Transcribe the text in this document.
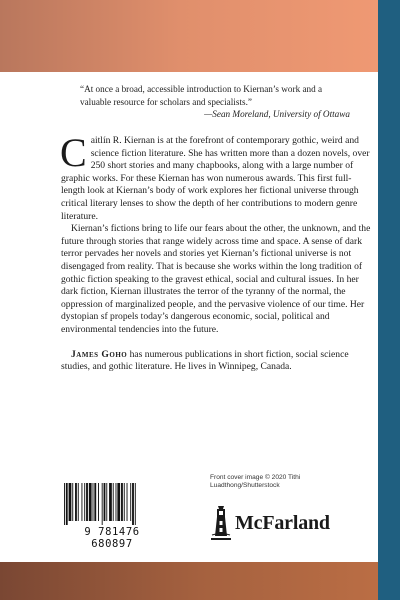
“At once a broad, accessible introduction to Kiernan’s work and a valuable resource for scholars and specialists.”
—Sean Moreland, University of Ottawa

Caitlín R. Kiernan is at the forefront of contemporary gothic, weird and science fiction literature. She has written more than a dozen novels, over 250 short stories and many chapbooks, along with a large number of graphic works. For these Kiernan has won numerous awards. This first full-length look at Kiernan’s body of work explores her fictional universe through critical literary lenses to show the depth of her contributions to modern genre literature.

Kiernan’s fictions bring to life our fears about the other, the unknown, and the future through stories that range widely across time and space. A sense of dark terror pervades her novels and stories yet Kiernan’s fictional universe is not disengaged from reality. That is because she works within the long tradition of gothic fiction speaking to the gravest ethical, social and cultural issues. In her dark fiction, Kiernan illustrates the terror of the tyranny of the normal, the oppression of marginalized people, and the pervasive violence of our time. Her dystopian sf propels today’s dangerous economic, social, political and environmental tendencies into the future.

James Goho has numerous publications in short fiction, social science studies, and gothic literature. He lives in Winnipeg, Canada.

9 781476 680897
Front cover image © 2020 Tithi Luadthong/Shutterstock
McFarland
